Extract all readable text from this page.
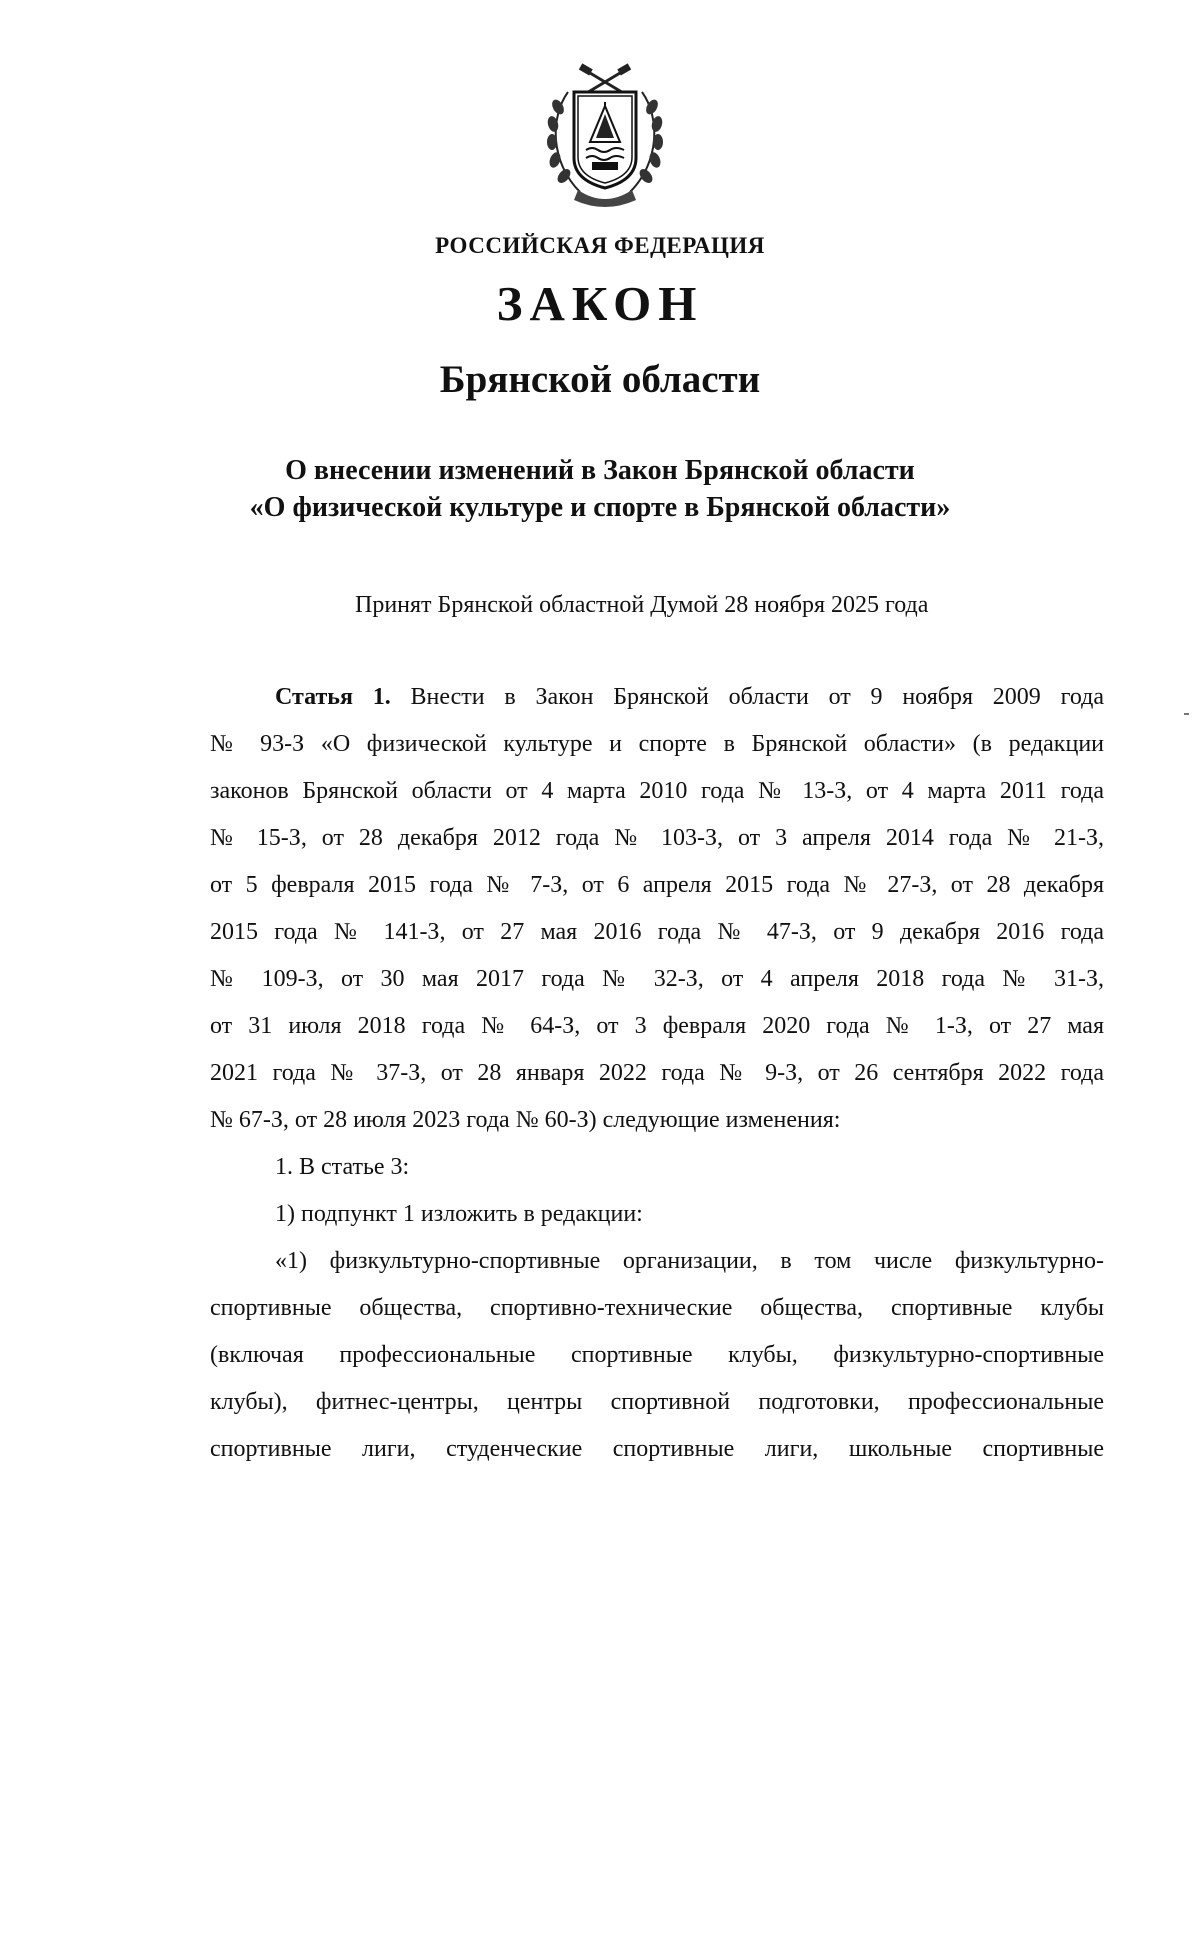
РОССИЙСКАЯ ФЕДЕРАЦИЯ
ЗАКОН
Брянской области
О внесении изменений в Закон Брянской области
«О физической культуре и спорте в Брянской области»
Принят Брянской областной Думой 28 ноября 2025 года
Статья 1. Внести в Закон Брянской области от 9 ноября 2009 года
№ 93-З «О физической культуре и спорте в Брянской области» (в редакции
законов Брянской области от 4 марта 2010 года № 13-З, от 4 марта 2011 года
№ 15-З, от 28 декабря 2012 года № 103-З, от 3 апреля 2014 года № 21-З,
от 5 февраля 2015 года № 7-З, от 6 апреля 2015 года № 27-З, от 28 декабря
2015 года № 141-З, от 27 мая 2016 года № 47-З, от 9 декабря 2016 года
№ 109-З, от 30 мая 2017 года № 32-З, от 4 апреля 2018 года № 31-З,
от 31 июля 2018 года № 64-З, от 3 февраля 2020 года № 1-З, от 27 мая
2021 года № 37-З, от 28 января 2022 года № 9-З, от 26 сентября 2022 года
№ 67-З, от 28 июля 2023 года № 60-З) следующие изменения:
1. В статье 3:
1) подпункт 1 изложить в редакции:
«1) физкультурно-спортивные организации, в том числе физкультурно-
спортивные общества, спортивно-технические общества, спортивные клубы
(включая профессиональные спортивные клубы, физкультурно-спортивные
клубы), фитнес-центры, центры спортивной подготовки, профессиональные
спортивные лиги, студенческие спортивные лиги, школьные спортивные
